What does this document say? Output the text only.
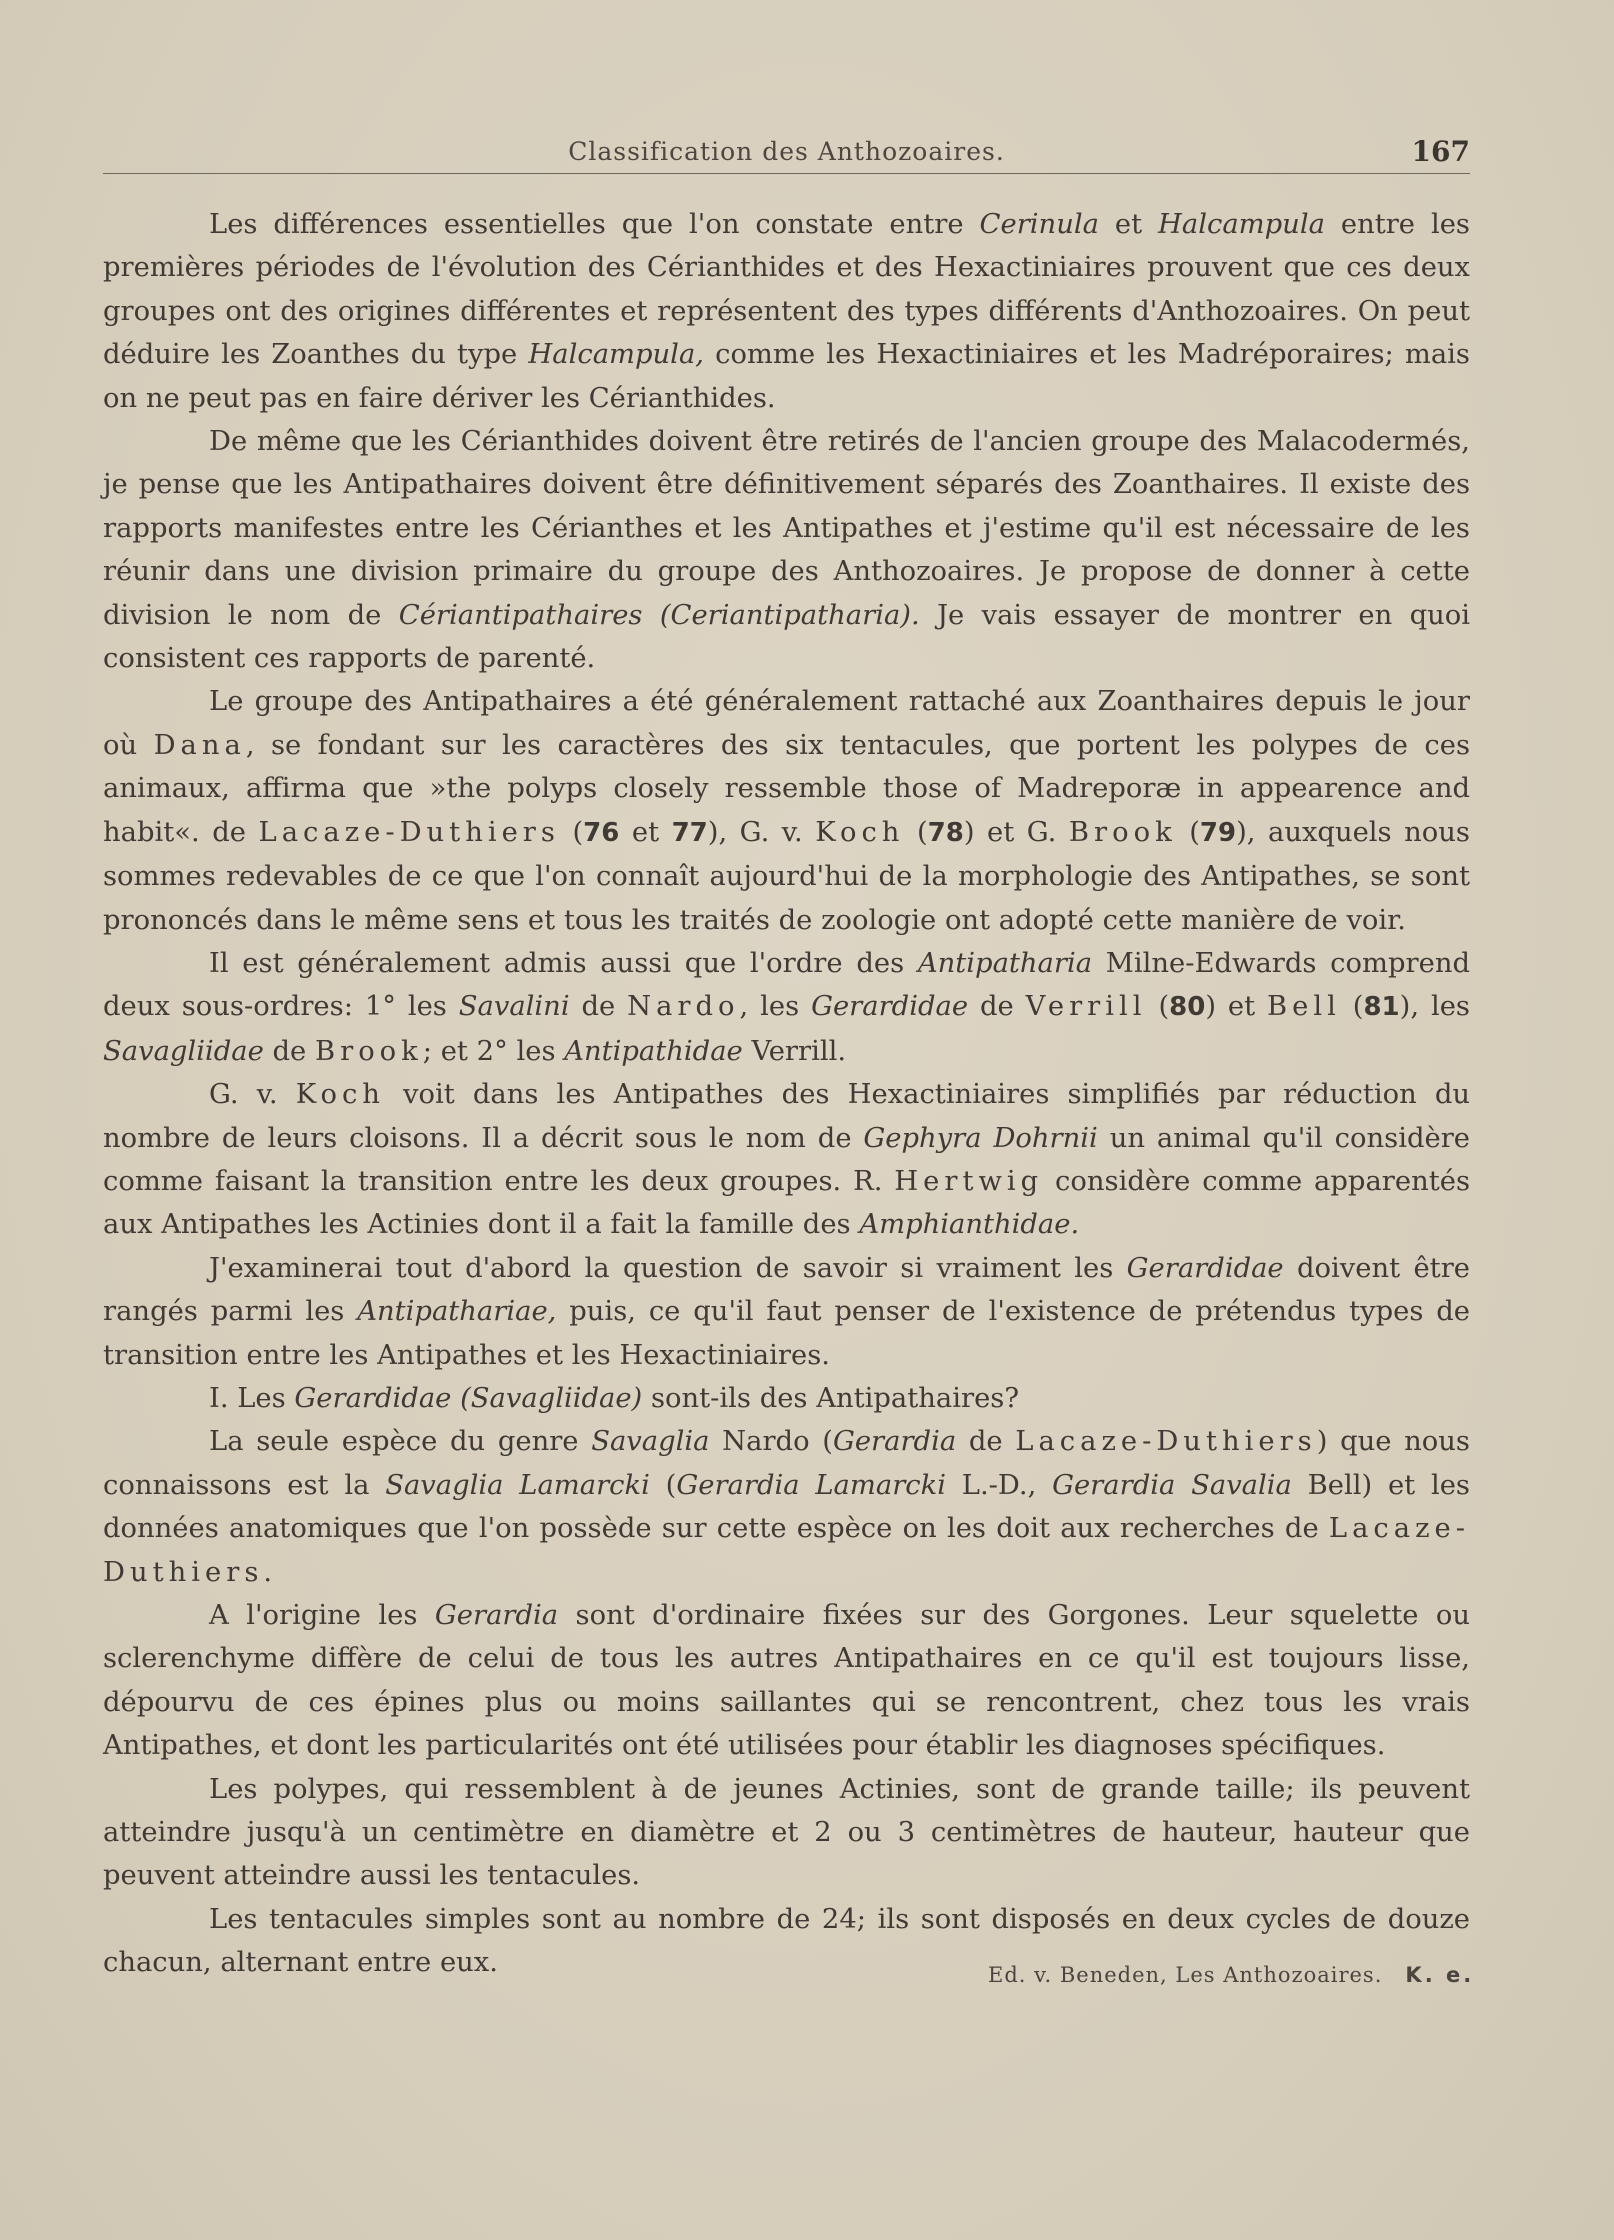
Classification des Anthozoaires.	167

Les différences essentielles que l'on constate entre Cerinula et Halcampula entre les premières périodes de l'évolution des Cérianthides et des Hexactiniaires prouvent que ces deux groupes ont des origines différentes et représentent des types différents d'Anthozoaires. On peut déduire les Zoanthes du type Halcampula, comme les Hexactiniaires et les Madréporaires; mais on ne peut pas en faire dériver les Cérianthides.

De même que les Cérianthides doivent être retirés de l'ancien groupe des Malacodermés, je pense que les Antipathaires doivent être définitivement séparés des Zoanthaires. Il existe des rapports manifestes entre les Cérianthes et les Antipathes et j'estime qu'il est nécessaire de les réunir dans une division primaire du groupe des Anthozoaires. Je propose de donner à cette division le nom de Cériantipathaires (Ceriantipatharia). Je vais essayer de montrer en quoi consistent ces rapports de parenté.

Le groupe des Antipathaires a été généralement rattaché aux Zoanthaires depuis le jour où Dana, se fondant sur les caractères des six tentacules, que portent les polypes de ces animaux, affirma que »the polyps closely ressemble those of Madreporæ in appearence and habit«. de Lacaze-Duthiers (76 et 77), G. v. Koch (78) et G. Brook (79), auxquels nous sommes redevables de ce que l'on connaît aujourd'hui de la morphologie des Antipathes, se sont prononcés dans le même sens et tous les traités de zoologie ont adopté cette manière de voir.

Il est généralement admis aussi que l'ordre des Antipatharia Milne-Edwards comprend deux sous-ordres: 1° les Savalini de Nardo, les Gerardidae de Verrill (80) et Bell (81), les Savagliidae de Brook; et 2° les Antipathidae Verrill.

G. v. Koch voit dans les Antipathes des Hexactiniaires simplifiés par réduction du nombre de leurs cloisons. Il a décrit sous le nom de Gephyra Dohrnii un animal qu'il considère comme faisant la transition entre les deux groupes. R. Hertwig considère comme apparentés aux Antipathes les Actinies dont il a fait la famille des Amphianthidae.

J'examinerai tout d'abord la question de savoir si vraiment les Gerardidae doivent être rangés parmi les Antipathariae, puis, ce qu'il faut penser de l'existence de prétendus types de transition entre les Antipathes et les Hexactiniaires.

I. Les Gerardidae (Savagliidae) sont-ils des Antipathaires?

La seule espèce du genre Savaglia Nardo (Gerardia de Lacaze-Duthiers) que nous connaissons est la Savaglia Lamarcki (Gerardia Lamarcki L.-D., Gerardia Savalia Bell) et les données anatomiques que l'on possède sur cette espèce on les doit aux recherches de Lacaze-Duthiers.

A l'origine les Gerardia sont d'ordinaire fixées sur des Gorgones. Leur squelette ou sclerenchyme diffère de celui de tous les autres Antipathaires en ce qu'il est toujours lisse, dépourvu de ces épines plus ou moins saillantes qui se rencontrent, chez tous les vrais Antipathes, et dont les particularités ont été utilisées pour établir les diagnoses spécifiques.

Les polypes, qui ressemblent à de jeunes Actinies, sont de grande taille; ils peuvent atteindre jusqu'à un centimètre en diamètre et 2 ou 3 centimètres de hauteur, hauteur que peuvent atteindre aussi les tentacules.

Les tentacules simples sont au nombre de 24; ils sont disposés en deux cycles de douze chacun, alternant entre eux.	Ed. v. Beneden, Les Anthozoaires. K. e.
